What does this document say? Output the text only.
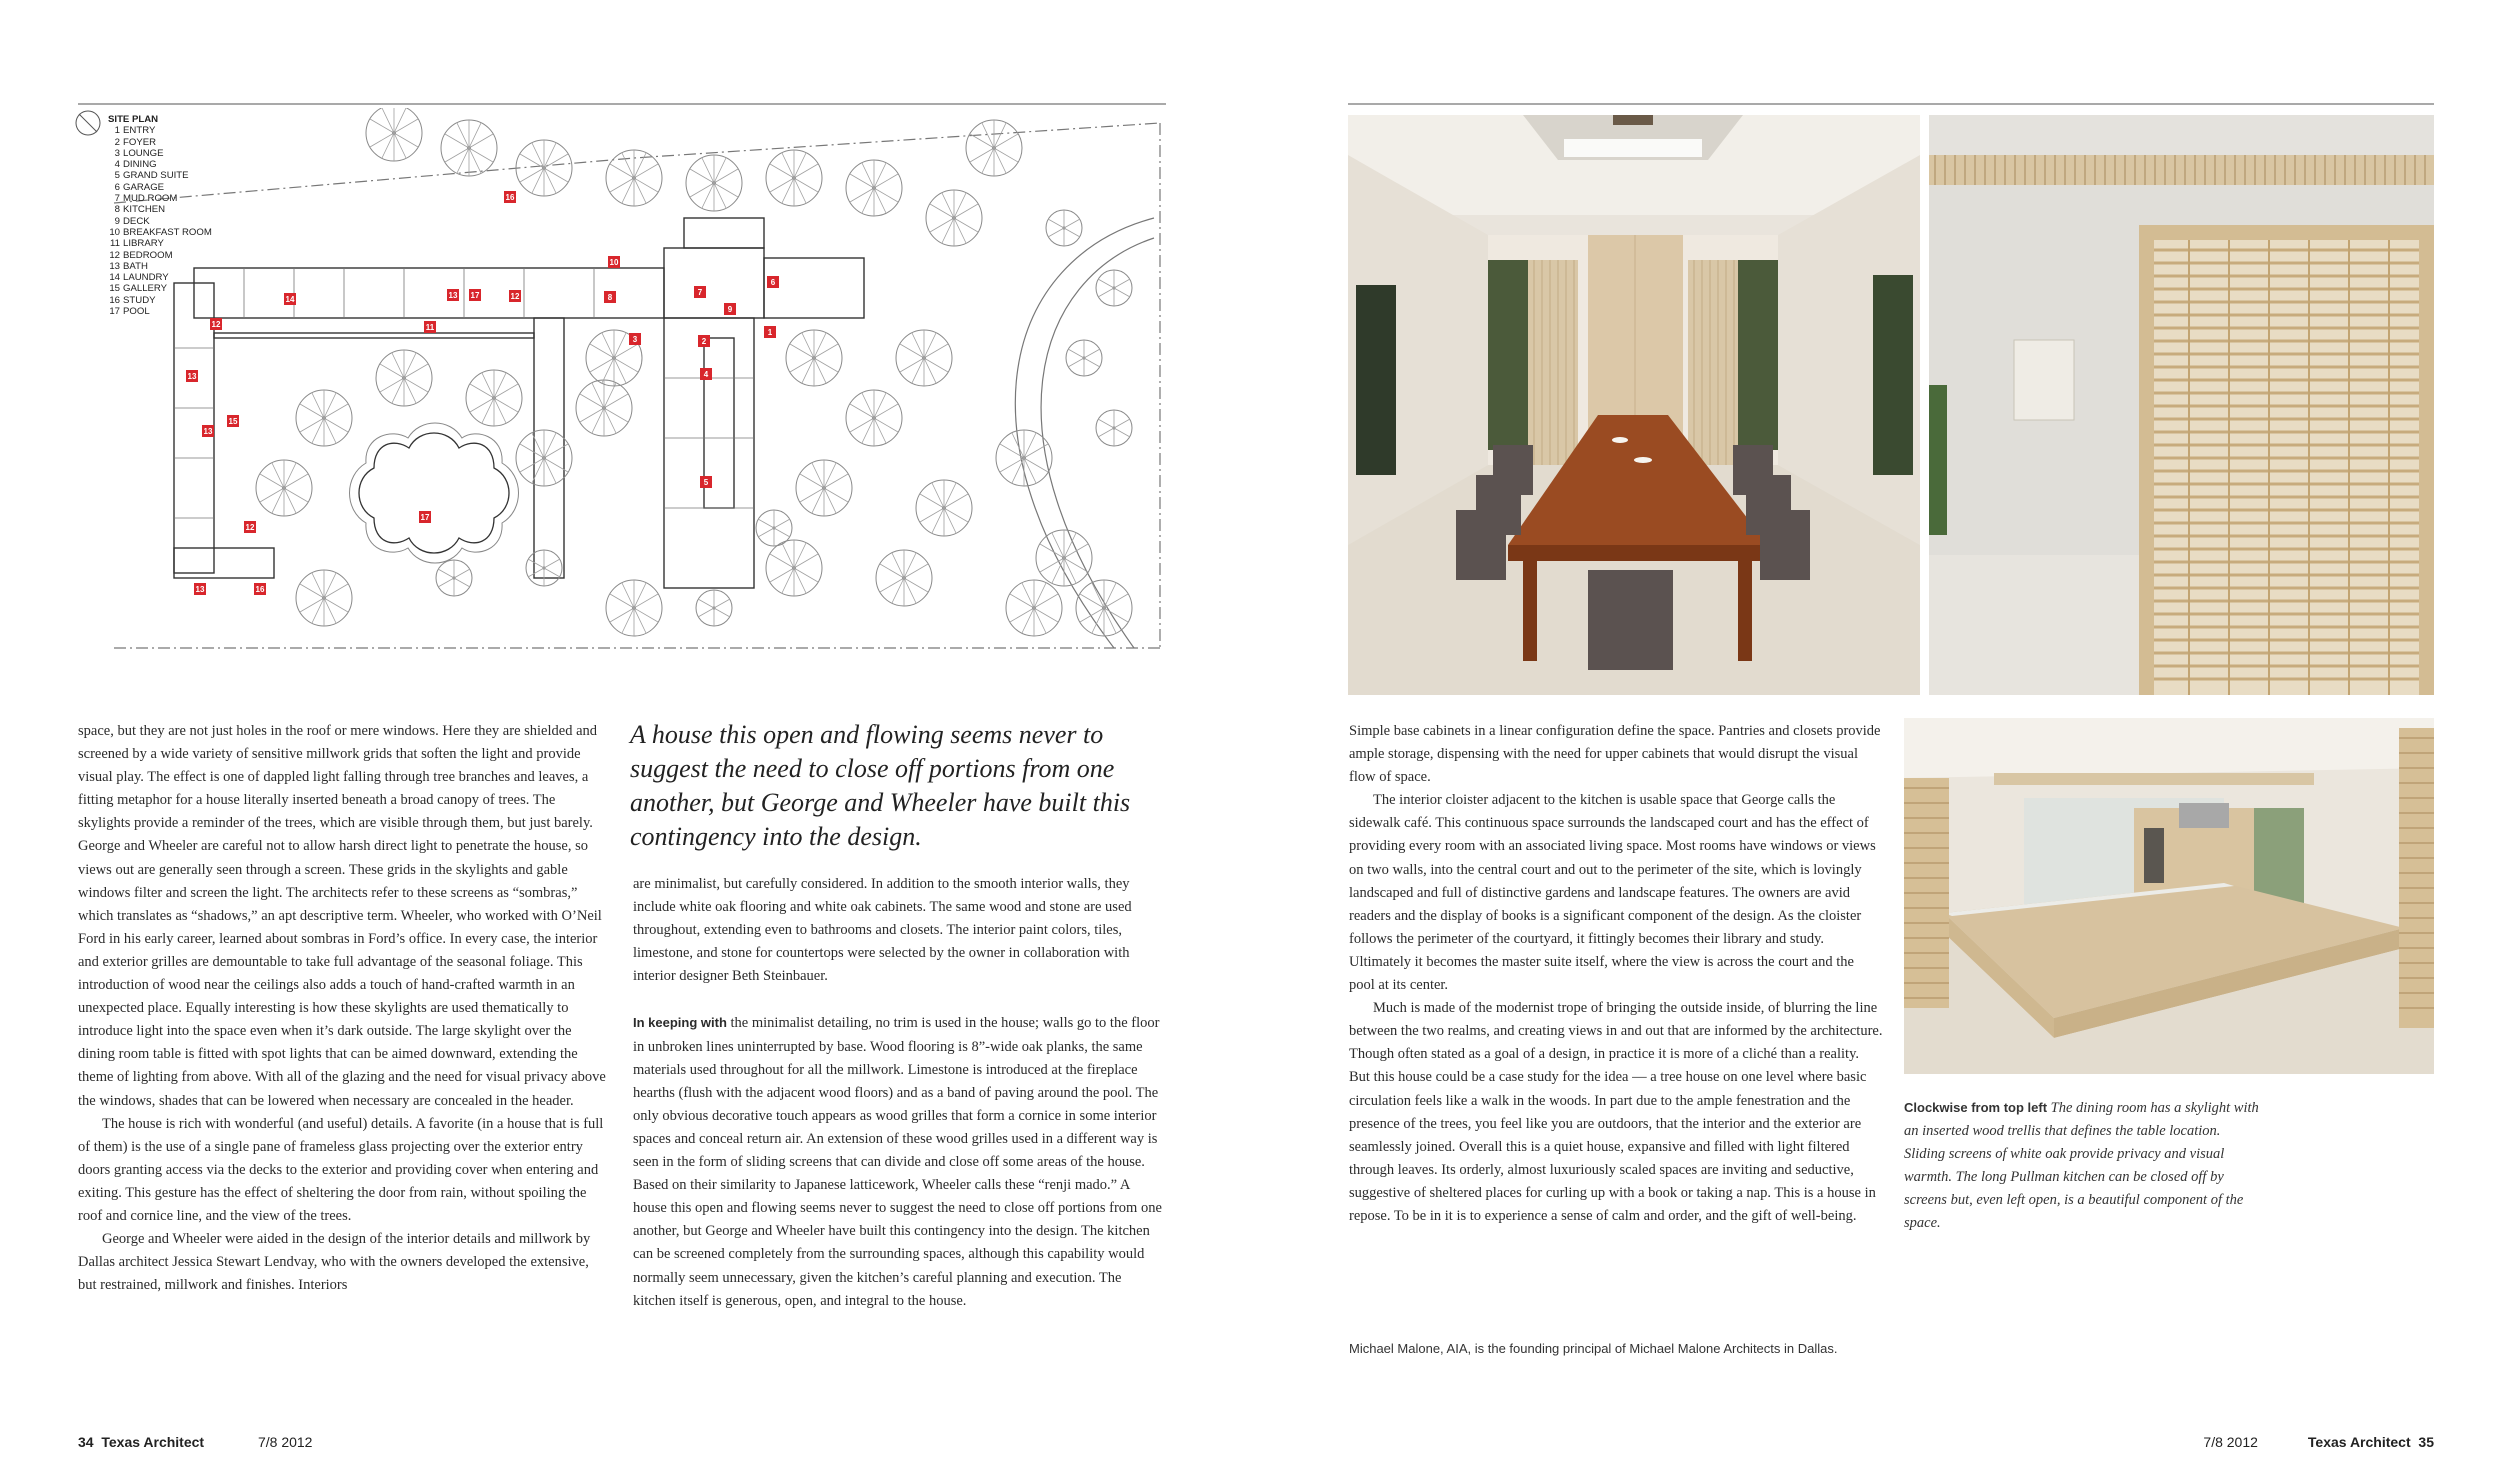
1
2
3
4
5
6
7
8
9
10
11
12
13
13
14
15
12
17
13 17	12
13	16
16
SITE PLAN
1 ENTRY
2 FOYER
3 LOUNGE
4 DINING
5 GRAND SUITE
6 GARAGE
7 MUD ROOM
8 KITCHEN
9 DECK
10 BREAKFAST ROOM
11 LIBRARY
12 BEDROOM
13 BATH
14 LAUNDRY
15 GALLERY
16 STUDY
17 POOL

space, but they are not just holes in the roof or mere windows. Here they are shielded and screened by a wide variety of sensitive millwork grids that soften the light and provide visual play. The effect is one of dappled light falling through tree branches and leaves, a fitting metaphor for a house literally inserted beneath a broad canopy of trees. The skylights provide a reminder of the trees, which are visible through them, but just barely. George and Wheeler are careful not to allow harsh direct light to penetrate the house, so views out are generally seen through a screen. These grids in the skylights and gable windows filter and screen the light. The architects refer to these screens as “sombras,” which translates as “shadows,” an apt descriptive term. Wheeler, who worked with O’Neil Ford in his early career, learned about sombras in Ford’s office. In every case, the interior and exterior grilles are demountable to take full advantage of the seasonal foliage. This introduction of wood near the ceilings also adds a touch of hand-crafted warmth in an unexpected place. Equally interesting is how these skylights are used thematically to introduce light into the space even when it’s dark outside. The large skylight over the dining room table is fitted with spot lights that can be aimed downward, extending the theme of lighting from above. With all of the glazing and the need for visual privacy above the windows, shades that can be lowered when necessary are concealed in the header.

The house is rich with wonderful (and useful) details. A favorite (in a house that is full of them) is the use of a single pane of frameless glass projecting over the exterior entry doors granting access via the decks to the exterior and providing cover when entering and exiting. This gesture has the effect of sheltering the door from rain, without spoiling the roof and cornice line, and the view of the trees.

George and Wheeler were aided in the design of the interior details and millwork by Dallas architect Jessica Stewart Lendvay, who with the owners developed the extensive, but restrained, millwork and finishes. Interiors

A house this open and flowing seems never to suggest the need to close off portions from one another, but George and Wheeler have built this contingency into the design.

are minimalist, but carefully considered. In addition to the smooth interior walls, they include white oak flooring and white oak cabinets. The same wood and stone are used throughout, extending even to bathrooms and closets. The interior paint colors, tiles, limestone, and stone for countertops were selected by the owner in collaboration with interior designer Beth Steinbauer.

In keeping with the minimalist detailing, no trim is used in the house; walls go to the floor in unbroken lines uninterrupted by base. Wood flooring is 8”-wide oak planks, the same materials used throughout for all the millwork. Limestone is introduced at the fireplace hearths (flush with the adjacent wood floors) and as a band of paving around the pool. The only obvious decorative touch appears as wood grilles that form a cornice in some interior spaces and conceal return air. An extension of these wood grilles used in a different way is seen in the form of sliding screens that can divide and close off some areas of the house. Based on their similarity to Japanese latticework, Wheeler calls these “renji mado.” A house this open and flowing seems never to suggest the need to close off portions from one another, but George and Wheeler have built this contingency into the design. The kitchen can be screened completely from the surrounding spaces, although this capability would normally seem unnecessary, given the kitchen’s careful planning and execution. The kitchen itself is generous, open, and integral to the house.

34 Texas Architect	7/8 2012

Simple base cabinets in a linear configuration define the space. Pantries and closets provide ample storage, dispensing with the need for upper cabinets that would disrupt the visual flow of space.

The interior cloister adjacent to the kitchen is usable space that George calls the sidewalk café. This continuous space surrounds the landscaped court and has the effect of providing every room with an associated living space. Most rooms have windows or views on two walls, into the central court and out to the perimeter of the site, which is lovingly landscaped and full of distinctive gardens and landscape features. The owners are avid readers and the display of books is a significant component of the design. As the cloister follows the perimeter of the courtyard, it fittingly becomes their library and study. Ultimately it becomes the master suite itself, where the view is across the court and the pool at its center.

Much is made of the modernist trope of bringing the outside inside, of blurring the line between the two realms, and creating views in and out that are informed by the architecture. Though often stated as a goal of a design, in practice it is more of a cliché than a reality. But this house could be a case study for the idea — a tree house on one level where basic circulation feels like a walk in the woods. In part due to the ample fenestration and the presence of the trees, you feel like you are outdoors, that the interior and the exterior are seamlessly joined. Overall this is a quiet house, expansive and filled with light filtered through leaves. Its orderly, almost luxuriously scaled spaces are inviting and seductive, suggestive of sheltered places for curling up with a book or taking a nap. This is a house in repose. To be in it is to experience a sense of calm and order, and the gift of well-being.

Michael Malone, AIA, is the founding principal of Michael Malone Architects in Dallas.
Clockwise from top left The dining room has a skylight with an inserted wood trellis that defines the table location. Sliding screens of white oak provide privacy and visual warmth. The long Pullman kitchen can be closed off by screens but, even left open, is a beautiful component of the space.
7/8 2012	Texas Architect 35
